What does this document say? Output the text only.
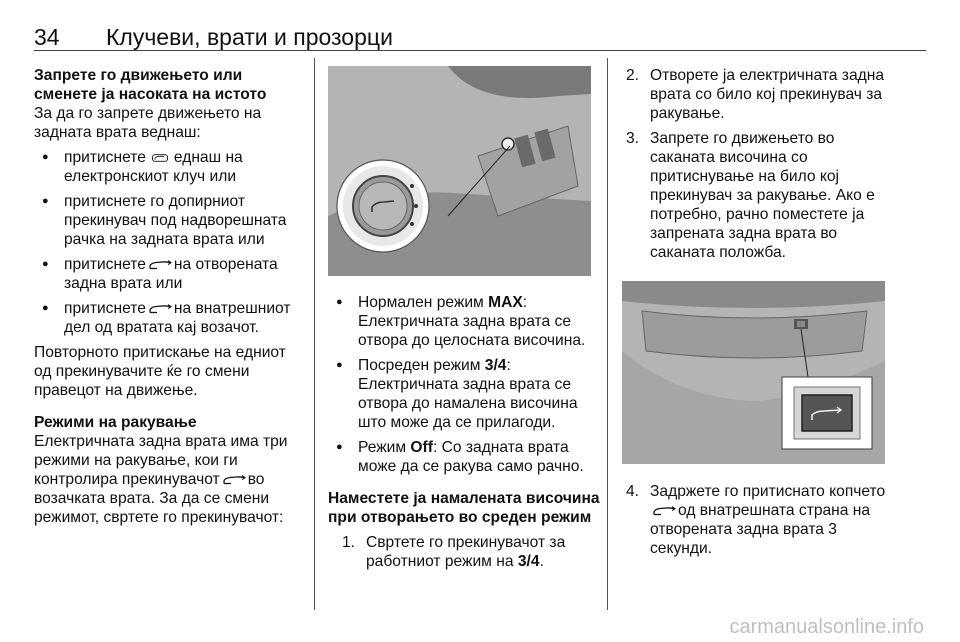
34 Клучеви, врати и прозорци

Запрете го движењето или сменете ја насоката на истото

За да го запрете движењето на задната врата веднаш:

● притиснете еднаш на електронскиот клуч или

● притиснете го допирниот прекинувач под надворешната рачка на задната врата или

● притиснете на отворената задна врата или

● притиснете на внатрешниот дел од вратата кај возачот.

Повторното притискање на едниот од прекинувачите ќе го смени правецот на движење.

Режими на ракување

Електричната задна врата има три режими на ракување, кои ги контролира прекинувачот во возачката врата. За да се смени режимот, свртете го прекинувачот:

● Нормален режим MAX: Електричната задна врата се отвора до целосната височина.

● Посреден режим 3/4: Електричната задна врата се отвора до намалена височина што може да се прилагоди.

● Режим Off: Со задната врата може да се ракува само рачно.

Наместете ја намалената височина при отворањето во среден режим

1. Свртете го прекинувачот за работниот режим на 3/4.

2. Отворете ја електричната задна врата со било кој прекинувач за ракување.

3. Запрете го движењето во саканата височина со притиснување на било кој прекинувач за ракување. Ако е потребно, рачно поместете ја запрената задна врата во саканата положба.

4. Задржете го притиснато копчетоод внатрешната страна на отворената задна врата 3 секунди.

carmanualsonline.info
